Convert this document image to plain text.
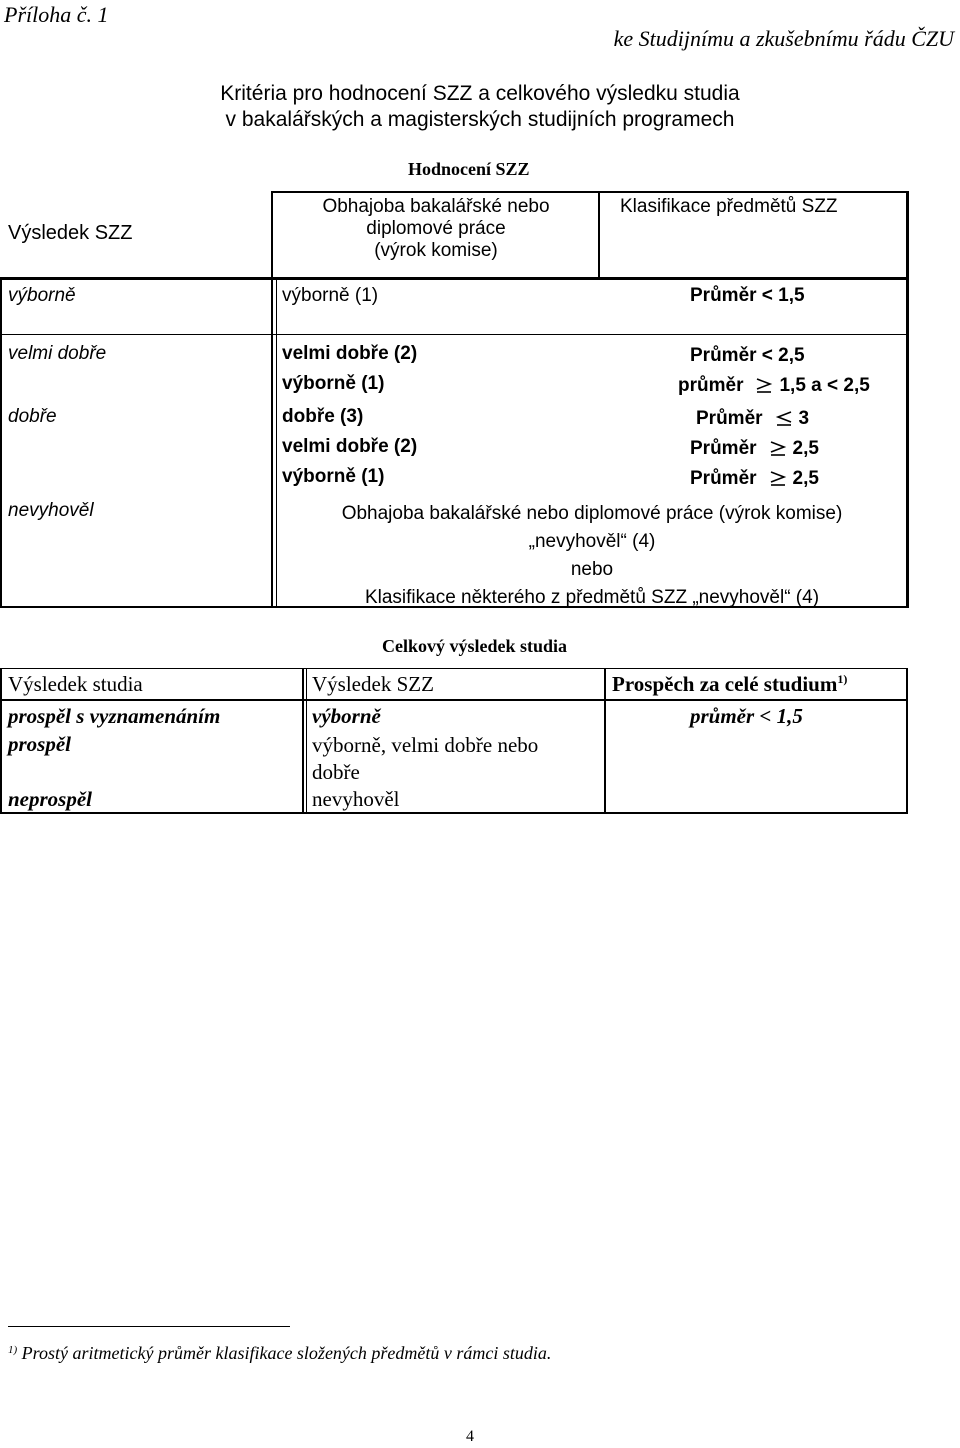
Příloha č. 1
ke Studijnímu a zkušebnímu řádu ČZU
Kritéria pro hodnocení SZZ a celkového výsledku studia
v bakalářských a magisterských studijních programech
Hodnocení SZZ
Výsledek SZZ
Obhajoba bakalářské nebo
diplomové práce
(výrok komise)
Klasifikace předmětů SZZ
výborně	výborně (1)	Průměr < 1,5
velmi dobře	velmi dobře (2)	Průměr < 2,5
výborně (1)	průměr 1,5 a < 2,5
dobře	dobře (3)	Průměr 3
velmi dobře (2)	Průměr 2,5
výborně (1)	Průměr 2,5
nevyhověl	Obhajoba bakalářské nebo diplomové práce (výrok komise)
„nevyhověl“ (4)
nebo
Klasifikace některého z předmětů SZZ „nevyhověl“ (4)
Celkový výsledek studia
Výsledek studia	Výsledek SZZ	Prospěch za celé studium$^{1)}$
prospěl s vyznamenáním	výborně	průměr < 1,5
prospěl	výborně, velmi dobře nebo
dobře
neprospěl	nevyhověl
$^{1)}$ Prostý aritmetický průměr klasifikace složených předmětů v rámci studia.
4
